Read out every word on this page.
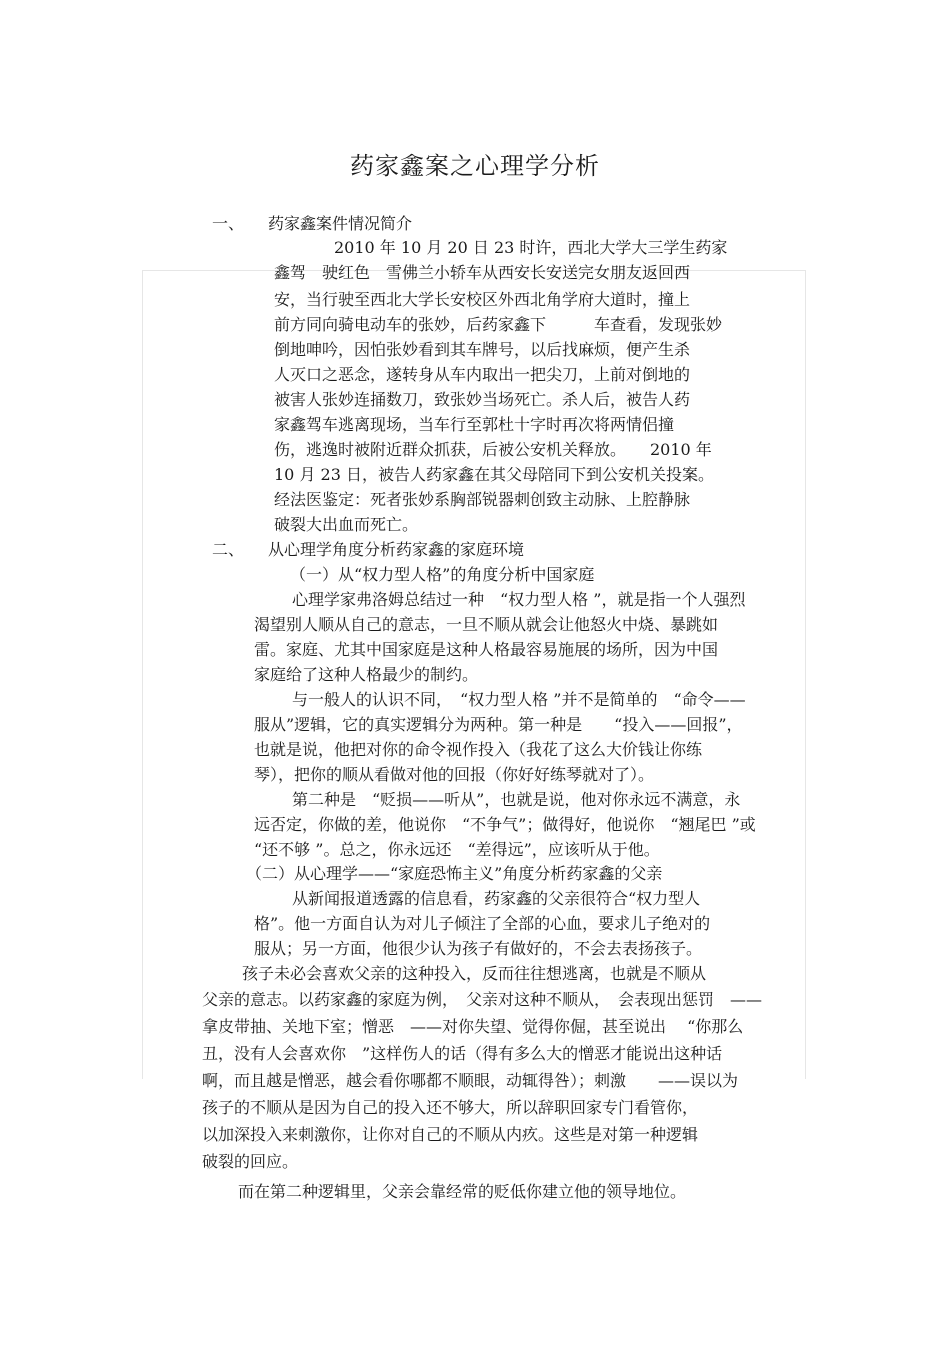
药家鑫案之心理学分析
一、 药家鑫案件情况简介
2010 年 10 月 20 日 23 时许，西北大学大三学生药家
鑫驾　驶红色　雪佛兰小轿车从西安长安送完女朋友返回西
安，当行驶至西北大学长安校区外西北角学府大道时，撞上
前方同向骑电动车的张妙，后药家鑫下　　　车查看，发现张妙
倒地呻吟，因怕张妙看到其车牌号，以后找麻烦，便产生杀
人灭口之恶念，遂转身从车内取出一把尖刀，上前对倒地的
被害人张妙连捅数刀，致张妙当场死亡。杀人后，被告人药
家鑫驾车逃离现场，当车行至郭杜十字时再次将两情侣撞
伤，逃逸时被附近群众抓获，后被公安机关释放。　　2010 年
10 月 23 日，被告人药家鑫在其父母陪同下到公安机关投案。
经法医鉴定：死者张妙系胸部锐器刺创致主动脉、上腔静脉
破裂大出血而死亡。
二、 从心理学角度分析药家鑫的家庭环境
（一）从“权力型人格”的角度分析中国家庭
心理学家弗洛姆总结过一种　“权力型人格 ”，就是指一个人强烈
渴望别人顺从自己的意志，一旦不顺从就会让他怒火中烧、暴跳如
雷。家庭、尤其中国家庭是这种人格最容易施展的场所，因为中国
家庭给了这种人格最少的制约。
与一般人的认识不同，　“权力型人格 ”并不是简单的　“命令——
服从”逻辑，它的真实逻辑分为两种。第一种是　　“投入——回报”，
也就是说，他把对你的命令视作投入（我花了这么大价钱让你练
琴），把你的顺从看做对他的回报（你好好练琴就对了）。
第二种是　“贬损——听从”，也就是说，他对你永远不满意，永
远否定，你做的差，他说你　“不争气”；做得好，他说你　“翘尾巴 ”或
“还不够 ”。总之，你永远还　“差得远”，应该听从于他。
（二）从心理学——“家庭恐怖主义”角度分析药家鑫的父亲
从新闻报道透露的信息看，药家鑫的父亲很符合“权力型人
格”。他一方面自认为对儿子倾注了全部的心血，要求儿子绝对的
服从；另一方面，他很少认为孩子有做好的，不会去表扬孩子。
孩子未必会喜欢父亲的这种投入，反而往往想逃离，也就是不顺从
父亲的意志。以药家鑫的家庭为例，　父亲对这种不顺从，　会表现出惩罚　——
拿皮带抽、关地下室；憎恶　——对你失望、觉得你倔，甚至说出　 “你那么
丑，没有人会喜欢你　”这样伤人的话（得有多么大的憎恶才能说出这种话
啊，而且越是憎恶，越会看你哪都不顺眼，动辄得咎）；刺激　　——误以为
孩子的不顺从是因为自己的投入还不够大，所以辞职回家专门看管你，
以加深投入来刺激你，让你对自己的不顺从内疚。这些是对第一种逻辑
破裂的回应。
而在第二种逻辑里，父亲会靠经常的贬低你建立他的领导地位。
